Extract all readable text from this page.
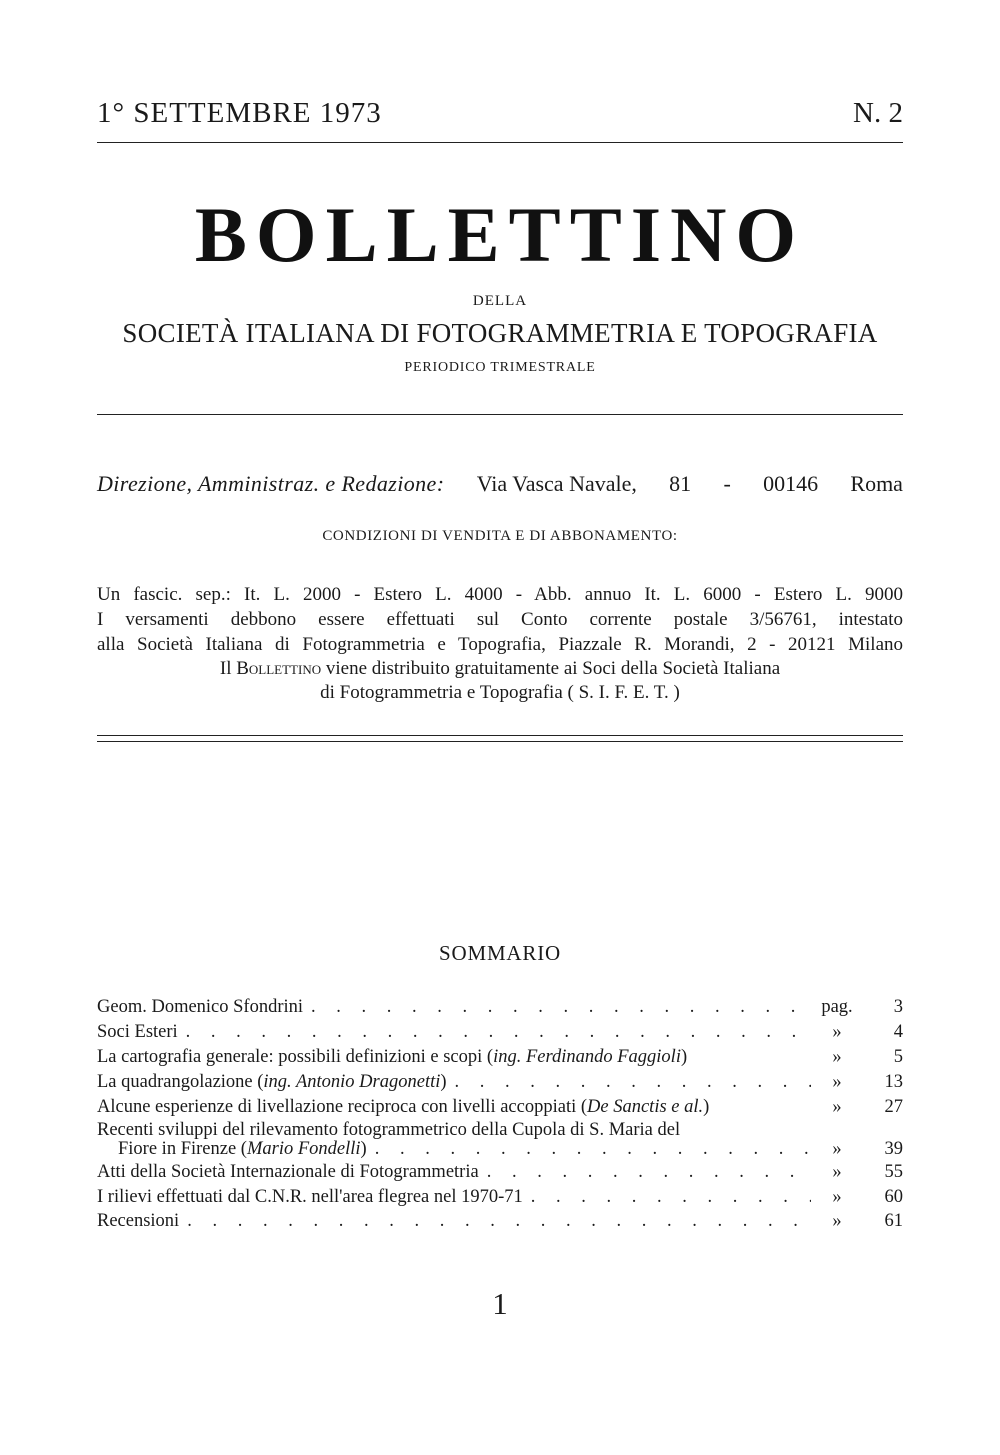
1° SETTEMBRE 1973	N. 2
BOLLETTINO
DELLA
SOCIETÀ ITALIANA DI FOTOGRAMMETRIA E TOPOGRAFIA
PERIODICO TRIMESTRALE
Direzione, Amministraz. e Redazione: Via Vasca Navale, 81 - 00146 Roma
CONDIZIONI DI VENDITA E DI ABBONAMENTO:
Un fascic. sep.: It. L. 2000 - Estero L. 4000 - Abb. annuo It. L. 6000 - Estero L. 9000
I versamenti debbono essere effettuati sul Conto corrente postale 3/56761, intestato
alla Società Italiana di Fotogrammetria e Topografia, Piazzale R. Morandi, 2 - 20121 Milano
Il Bollettino viene distribuito gratuitamente ai Soci della Società Italiana
di Fotogrammetria e Topografia ( S. I. F. E. T. )
SOMMARIO
Geom. Domenico Sfondrini . . .	pag.	3
Soci Esteri . . .	»	4
La cartografia generale: possibili definizioni e scopi (ing. Ferdinando Faggioli)	»	5
La quadrangolazione (ing. Antonio Dragonetti) . . .	»	13
Alcune esperienze di livellazione reciproca con livelli accoppiati (De Sanctis e al.)	»	27
Recenti sviluppi del rilevamento fotogrammetrico della Cupola di S. Maria del
Fiore in Firenze (Mario Fondelli) . . .	»	39
Atti della Società Internazionale di Fotogrammetria . . .	»	55
I rilievi effettuati dal C.N.R. nell'area flegrea nel 1970-71 . . .	»	60
Recensioni . . .	»	61
1
